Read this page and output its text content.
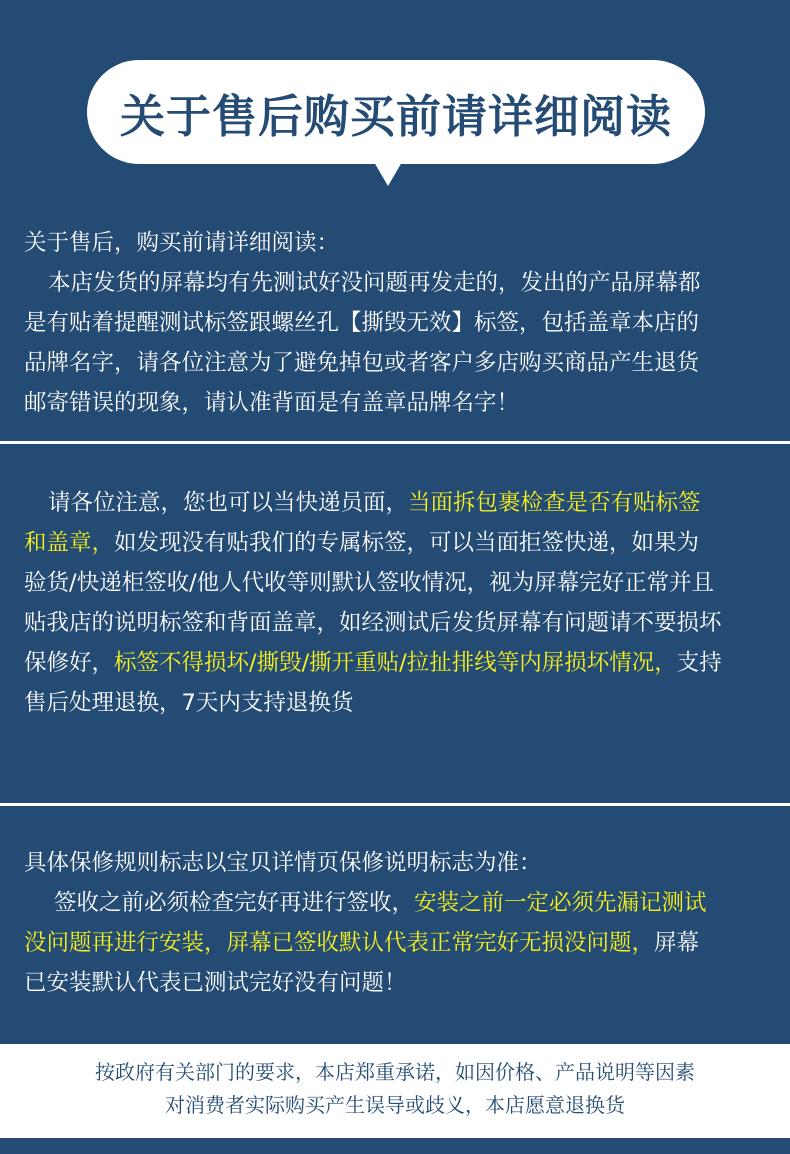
关于售后购买前请详细阅读

关于售后，购买前请详细阅读：

本店发货的屏幕均有先测试好没问题再发走的，发出的产品屏幕都

是有贴着提醒测试标签跟螺丝孔【撕毁无效】标签，包括盖章本店的

品牌名字，请各位注意为了避免掉包或者客户多店购买商品产生退货

邮寄错误的现象，请认准背面是有盖章品牌名字！

请各位注意，您也可以当快递员面，当面拆包裹检查是否有贴标签

和盖章，如发现没有贴我们的专属标签，可以当面拒签快递，如果为

验货/快递柜签收/他人代收等则默认签收情况，视为屏幕完好正常并且

贴我店的说明标签和背面盖章，如经测试后发货屏幕有问题请不要损坏

保修好，标签不得损坏/撕毁/撕开重贴/拉扯排线等内屏损坏情况，支持

售后处理退换，7天内支持退换货

具体保修规则标志以宝贝详情页保修说明标志为准：

签收之前必须检查完好再进行签收，安装之前一定必须先漏记测试

没问题再进行安装，屏幕已签收默认代表正常完好无损没问题，屏幕

已安装默认代表已测试完好没有问题！

按政府有关部门的要求，本店郑重承诺，如因价格、产品说明等因素

对消费者实际购买产生误导或歧义，本店愿意退换货
